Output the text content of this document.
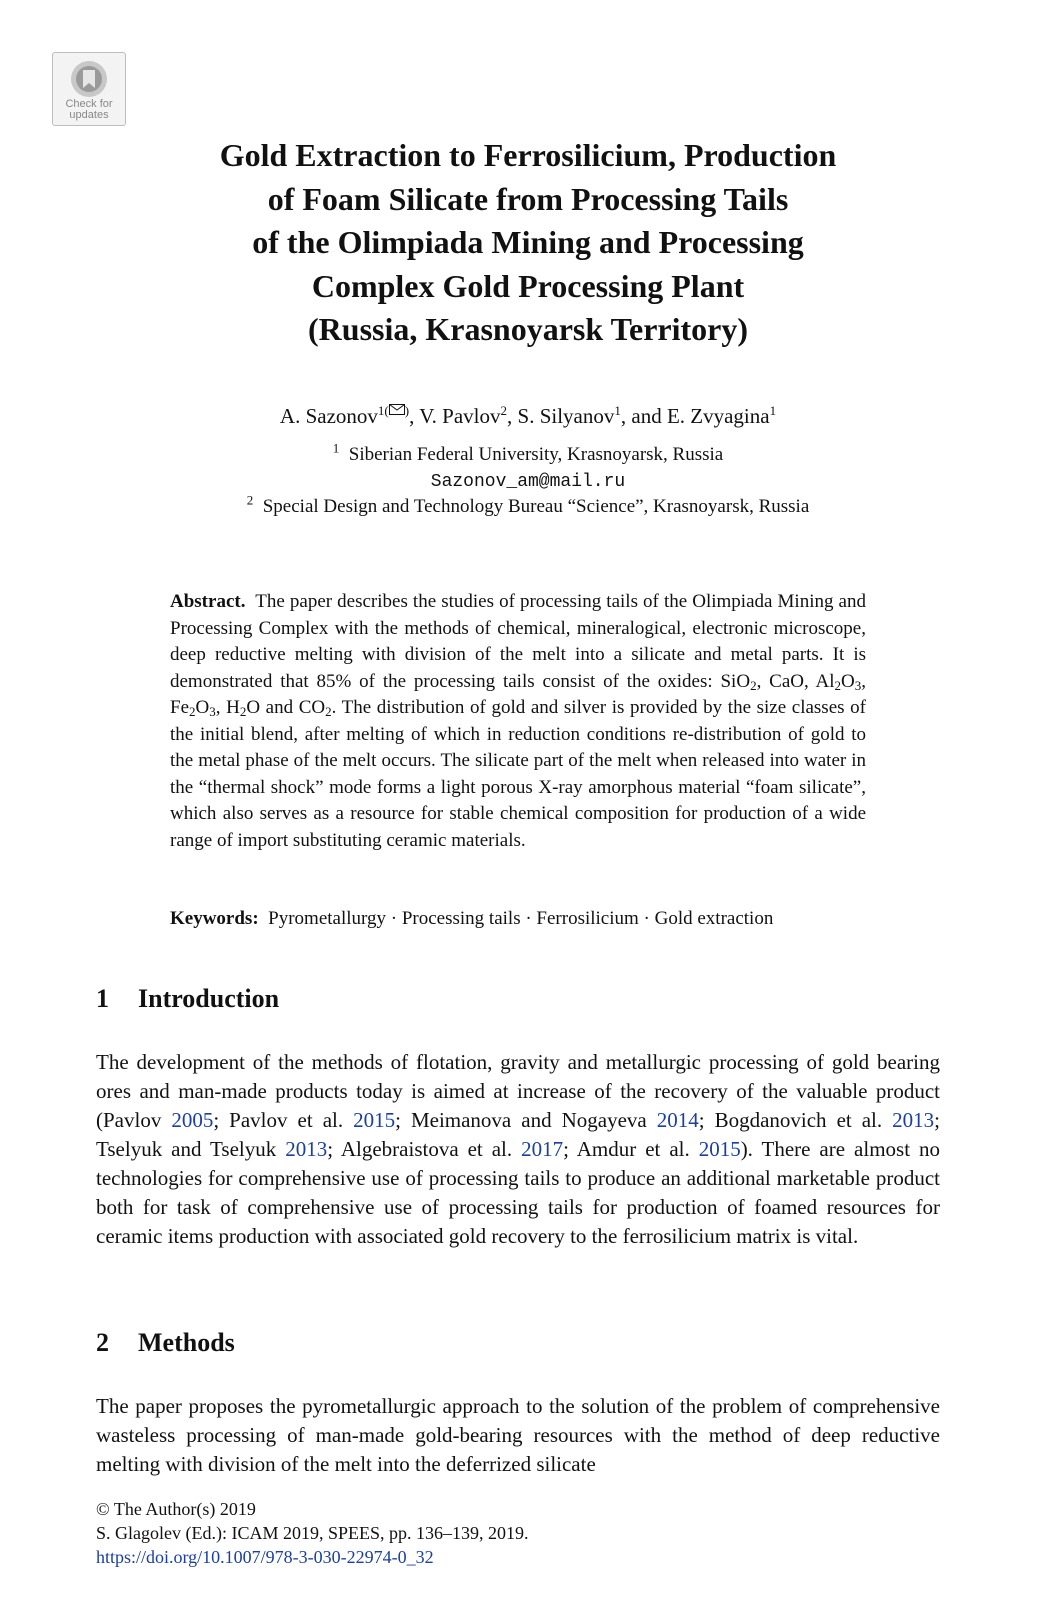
Check for
updates
Gold Extraction to Ferrosilicium, Production
of Foam Silicate from Processing Tails
of the Olimpiada Mining and Processing
Complex Gold Processing Plant
(Russia, Krasnoyarsk Territory)
A. Sazonov$^{1( )}$, V. Pavlov$^2$, S. Silyanov$^1$, and E. Zvyagina$^1$
$^1$ Siberian Federal University, Krasnoyarsk, Russia
Sazonov_am@mail.ru
$^2$ Special Design and Technology Bureau “Science”, Krasnoyarsk, Russia
Abstract. The paper describes the studies of processing tails of the Olimpiada Mining and Processing Complex with the methods of chemical, mineralogical, electronic microscope, deep reductive melting with division of the melt into a silicate and metal parts. It is demonstrated that 85% of the processing tails consist of the oxides: SiO$_2$, CaO, $Al_2O_3$, $Fe_2O_3$, $H_2O$ and $CO_2$. The distribution of gold and silver is provided by the size classes of the initial blend, after melting of which in reduction conditions re-distribution of gold to the metal phase of the melt occurs. The silicate part of the melt when released into water in the “thermal shock” mode forms a light porous X-ray amorphous material “foam silicate”, which also serves as a resource for stable chemical composition for production of a wide range of import substituting ceramic materials.
Keywords: Pyrometallurgy · Processing tails · Ferrosilicium · Gold extraction
1 Introduction
The development of the methods of flotation, gravity and metallurgic processing of gold bearing ores and man-made products today is aimed at increase of the recovery of the valuable product (Pavlov 2005; Pavlov et al. 2015; Meimanova and Nogayeva 2014; Bogdanovich et al. 2013; Tselyuk and Tselyuk 2013; Algebraistova et al. 2017; Amdur et al. 2015). There are almost no technologies for comprehensive use of processing tails to produce an additional marketable product both for task of comprehensive use of processing tails for production of foamed resources for ceramic items production with associated gold recovery to the ferrosilicium matrix is vital.
2 Methods
The paper proposes the pyrometallurgic approach to the solution of the problem of comprehensive wasteless processing of man-made gold-bearing resources with the method of deep reductive melting with division of the melt into the deferrized silicate
© The Author(s) 2019
S. Glagolev (Ed.): ICAM 2019, SPEES, pp. 136–139, 2019.
https://doi.org/10.1007/978-3-030-22974-0_32
